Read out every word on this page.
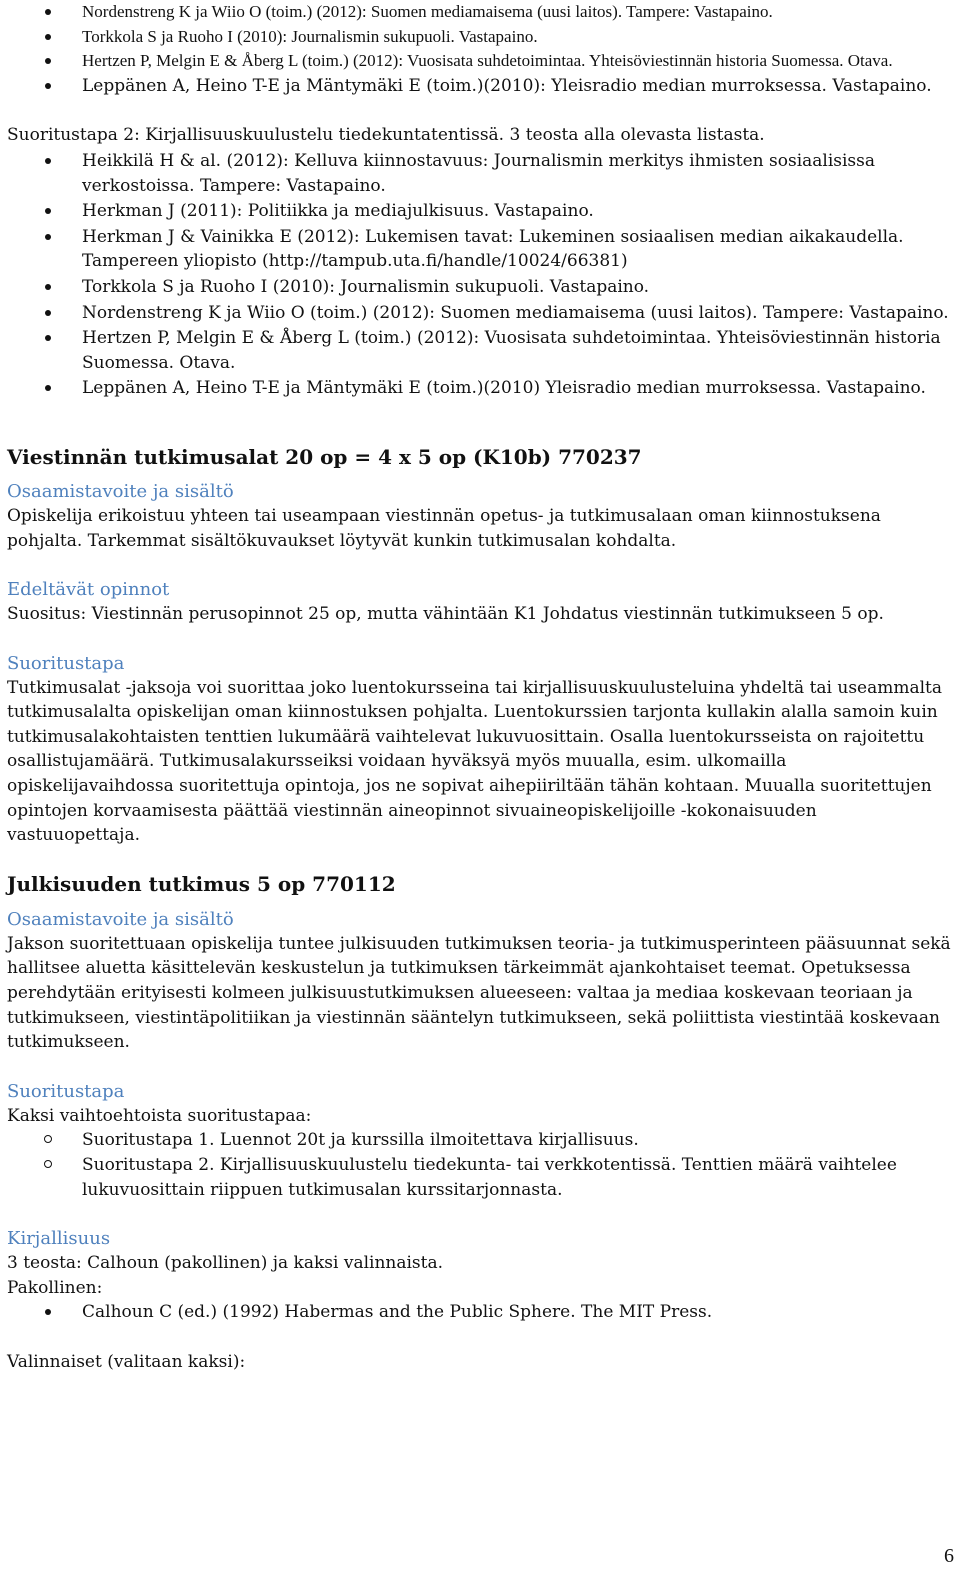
Nordenstreng K ja Wiio O (toim.) (2012): Suomen mediamaisema (uusi laitos). Tampere: Vastapaino.
Torkkola S ja Ruoho I (2010): Journalismin sukupuoli. Vastapaino.
Hertzen P, Melgin E & Åberg L (toim.) (2012): Vuosisata suhdetoimintaa. Yhteisöviestinnän historia Suomessa. Otava.
Leppänen A, Heino T-E ja Mäntymäki E (toim.)(2010): Yleisradio median murroksessa. Vastapaino.
Suoritustapa 2: Kirjallisuuskuulustelu tiedekuntatentissä. 3 teosta alla olevasta listasta.
Heikkilä H & al. (2012): Kelluva kiinnostavuus: Journalismin merkitys ihmisten sosiaalisissa verkostoissa. Tampere: Vastapaino.
Herkman J (2011): Politiikka ja mediajulkisuus. Vastapaino.
Herkman J & Vainikka E (2012): Lukemisen tavat: Lukeminen sosiaalisen median aikakaudella. Tampereen yliopisto (http://tampub.uta.fi/handle/10024/66381)
Torkkola S ja Ruoho I (2010): Journalismin sukupuoli. Vastapaino.
Nordenstreng K ja Wiio O (toim.) (2012): Suomen mediamaisema (uusi laitos). Tampere: Vastapaino.
Hertzen P, Melgin E & Åberg L (toim.) (2012): Vuosisata suhdetoimintaa. Yhteisöviestinnän historia Suomessa. Otava.
Leppänen A, Heino T-E ja Mäntymäki E (toim.)(2010) Yleisradio median murroksessa. Vastapaino.
Viestinnän tutkimusalat 20 op = 4 x 5 op (K10b) 770237
Osaamistavoite ja sisältö
Opiskelija erikoistuu yhteen tai useampaan viestinnän opetus- ja tutkimusalaan oman kiinnostuksena pohjalta. Tarkemmat sisältökuvaukset löytyvät kunkin tutkimusalan kohdalta.
Edeltävät opinnot
Suositus: Viestinnän perusopinnot 25 op, mutta vähintään K1 Johdatus viestinnän tutkimukseen 5 op.
Suoritustapa
Tutkimusalat -jaksoja voi suorittaa joko luentokursseina tai kirjallisuuskuulusteluina yhdeltä tai useammalta tutkimusalalta opiskelijan oman kiinnostuksen pohjalta. Luentokurssien tarjonta kullakin alalla samoin kuin tutkimusalakohtaisten tenttien lukumäärä vaihtelevat lukuvuosittain. Osalla luentokursseista on rajoitettu osallistujamäärä. Tutkimusalakursseiksi voidaan hyväksyä myös muualla, esim. ulkomailla opiskelijavaihdossa suoritettuja opintoja, jos ne sopivat aihepiiriltään tähän kohtaan. Muualla suoritettujen opintojen korvaamisesta päättää viestinnän aineopinnot sivuaineopiskelijoille -kokonaisuuden vastuuopettaja.
Julkisuuden tutkimus 5 op 770112
Osaamistavoite ja sisältö
Jakson suoritettuaan opiskelija tuntee julkisuuden tutkimuksen teoria- ja tutkimusperinteen pääsuunnat sekä hallitsee aluetta käsittelevän keskustelun ja tutkimuksen tärkeimmät ajankohtaiset teemat. Opetuksessa perehdytään erityisesti kolmeen julkisuustutkimuksen alueeseen: valtaa ja mediaa koskevaan teoriaan ja tutkimukseen, viestintäpolitiikan ja viestinnän sääntelyn tutkimukseen, sekä poliittista viestintää koskevaan tutkimukseen.
Suoritustapa
Kaksi vaihtoehtoista suoritustapaa:
Suoritustapa 1. Luennot 20t ja kurssilla ilmoitettava kirjallisuus.
Suoritustapa 2. Kirjallisuuskuulustelu tiedekunta- tai verkkotentissä. Tenttien määrä vaihtelee lukuvuosittain riippuen tutkimusalan kurssitarjonnasta.
Kirjallisuus
3 teosta: Calhoun (pakollinen) ja kaksi valinnaista.
Pakollinen:
Calhoun C (ed.) (1992) Habermas and the Public Sphere. The MIT Press.
Valinnaiset (valitaan kaksi):
6
